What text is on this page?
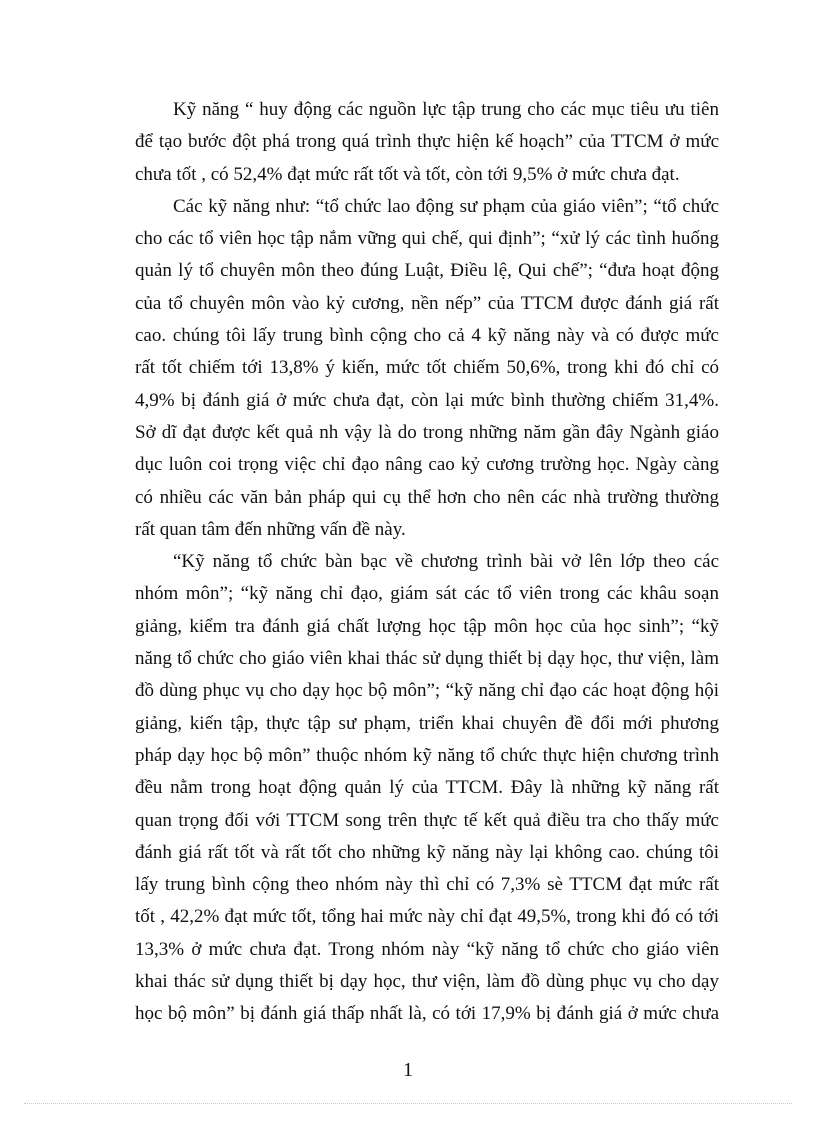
Kỹ năng “ huy động các nguồn lực tập trung cho các mục tiêu ưu tiên
để tạo bước đột phá trong quá trình thực hiện kế hoạch” của TTCM ở mức
chưa tốt , có 52,4% đạt mức rất tốt và tốt, còn tới 9,5% ở mức chưa đạt.
Các kỹ năng như: “tổ chức lao động sư phạm của giáo viên”; “tổ chức
cho các tổ viên học tập nắm vững qui chế, qui định”; “xử lý các tình huống
quản lý tổ chuyên môn theo đúng Luật, Điều lệ, Qui chế”; “đưa hoạt động
của tổ chuyên môn vào kỷ cương, nền nếp” của TTCM được đánh giá rất
cao. chúng tôi lấy trung bình cộng cho cả 4 kỹ năng này và có được mức
rất tốt chiếm tới 13,8% ý kiến, mức tốt chiếm 50,6%, trong khi đó chỉ có
4,9% bị đánh giá ở mức chưa đạt, còn lại mức bình thường chiếm 31,4%.
Sở dĩ đạt được kết quả nh vậy là do trong những năm gần đây Ngành giáo
dục luôn coi trọng việc chỉ đạo nâng cao kỷ cương trường học. Ngày càng
có nhiều các văn bản pháp qui cụ thể hơn cho nên các nhà trường thường
rất quan tâm đến những vấn đề này.
“Kỹ năng tổ chức bàn bạc về chương trình bài vở lên lớp theo các
nhóm môn”; “kỹ năng chỉ đạo, giám sát các tổ viên trong các khâu soạn
giảng, kiểm tra đánh giá chất lượng học tập môn học của học sinh”; “kỹ
năng tổ chức cho giáo viên khai thác sử dụng thiết bị dạy học, thư viện, làm
đồ dùng phục vụ cho dạy học bộ môn”; “kỹ năng chỉ đạo các hoạt động hội
giảng, kiến tập, thực tập sư phạm, triển khai chuyên đề đổi mới phương
pháp dạy học bộ môn” thuộc nhóm kỹ năng tổ chức thực hiện chương trình
đều nằm trong hoạt động quản lý của TTCM. Đây là những kỹ năng rất
quan trọng đối với TTCM song trên thực tế kết quả điều tra cho thấy mức
đánh giá rất tốt và rất tốt cho những kỹ năng này lại không cao. chúng tôi
lấy trung bình cộng theo nhóm này thì chỉ có 7,3% sè TTCM đạt mức rất
tốt , 42,2% đạt mức tốt, tổng hai mức này chỉ đạt 49,5%, trong khi đó có tới
13,3% ở mức chưa đạt. Trong nhóm này “kỹ năng tổ chức cho giáo viên
khai thác sử dụng thiết bị dạy học, thư viện, làm đồ dùng phục vụ cho dạy
học bộ môn” bị đánh giá thấp nhất là, có tới 17,9% bị đánh giá ở mức chưa
1
